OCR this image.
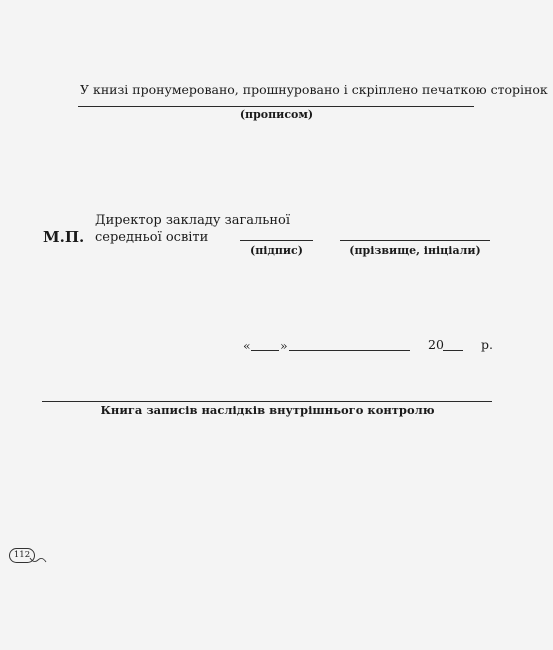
У книзі пронумеровано, прошнуровано і скріплено печаткою сторінок
(прописом)
М.П.
Директор закладу загальної
середньої освіти
(підпис)	(прізвище, ініціали)
« »	20	р.
Книга записів наслідків внутрішнього контролю
112
